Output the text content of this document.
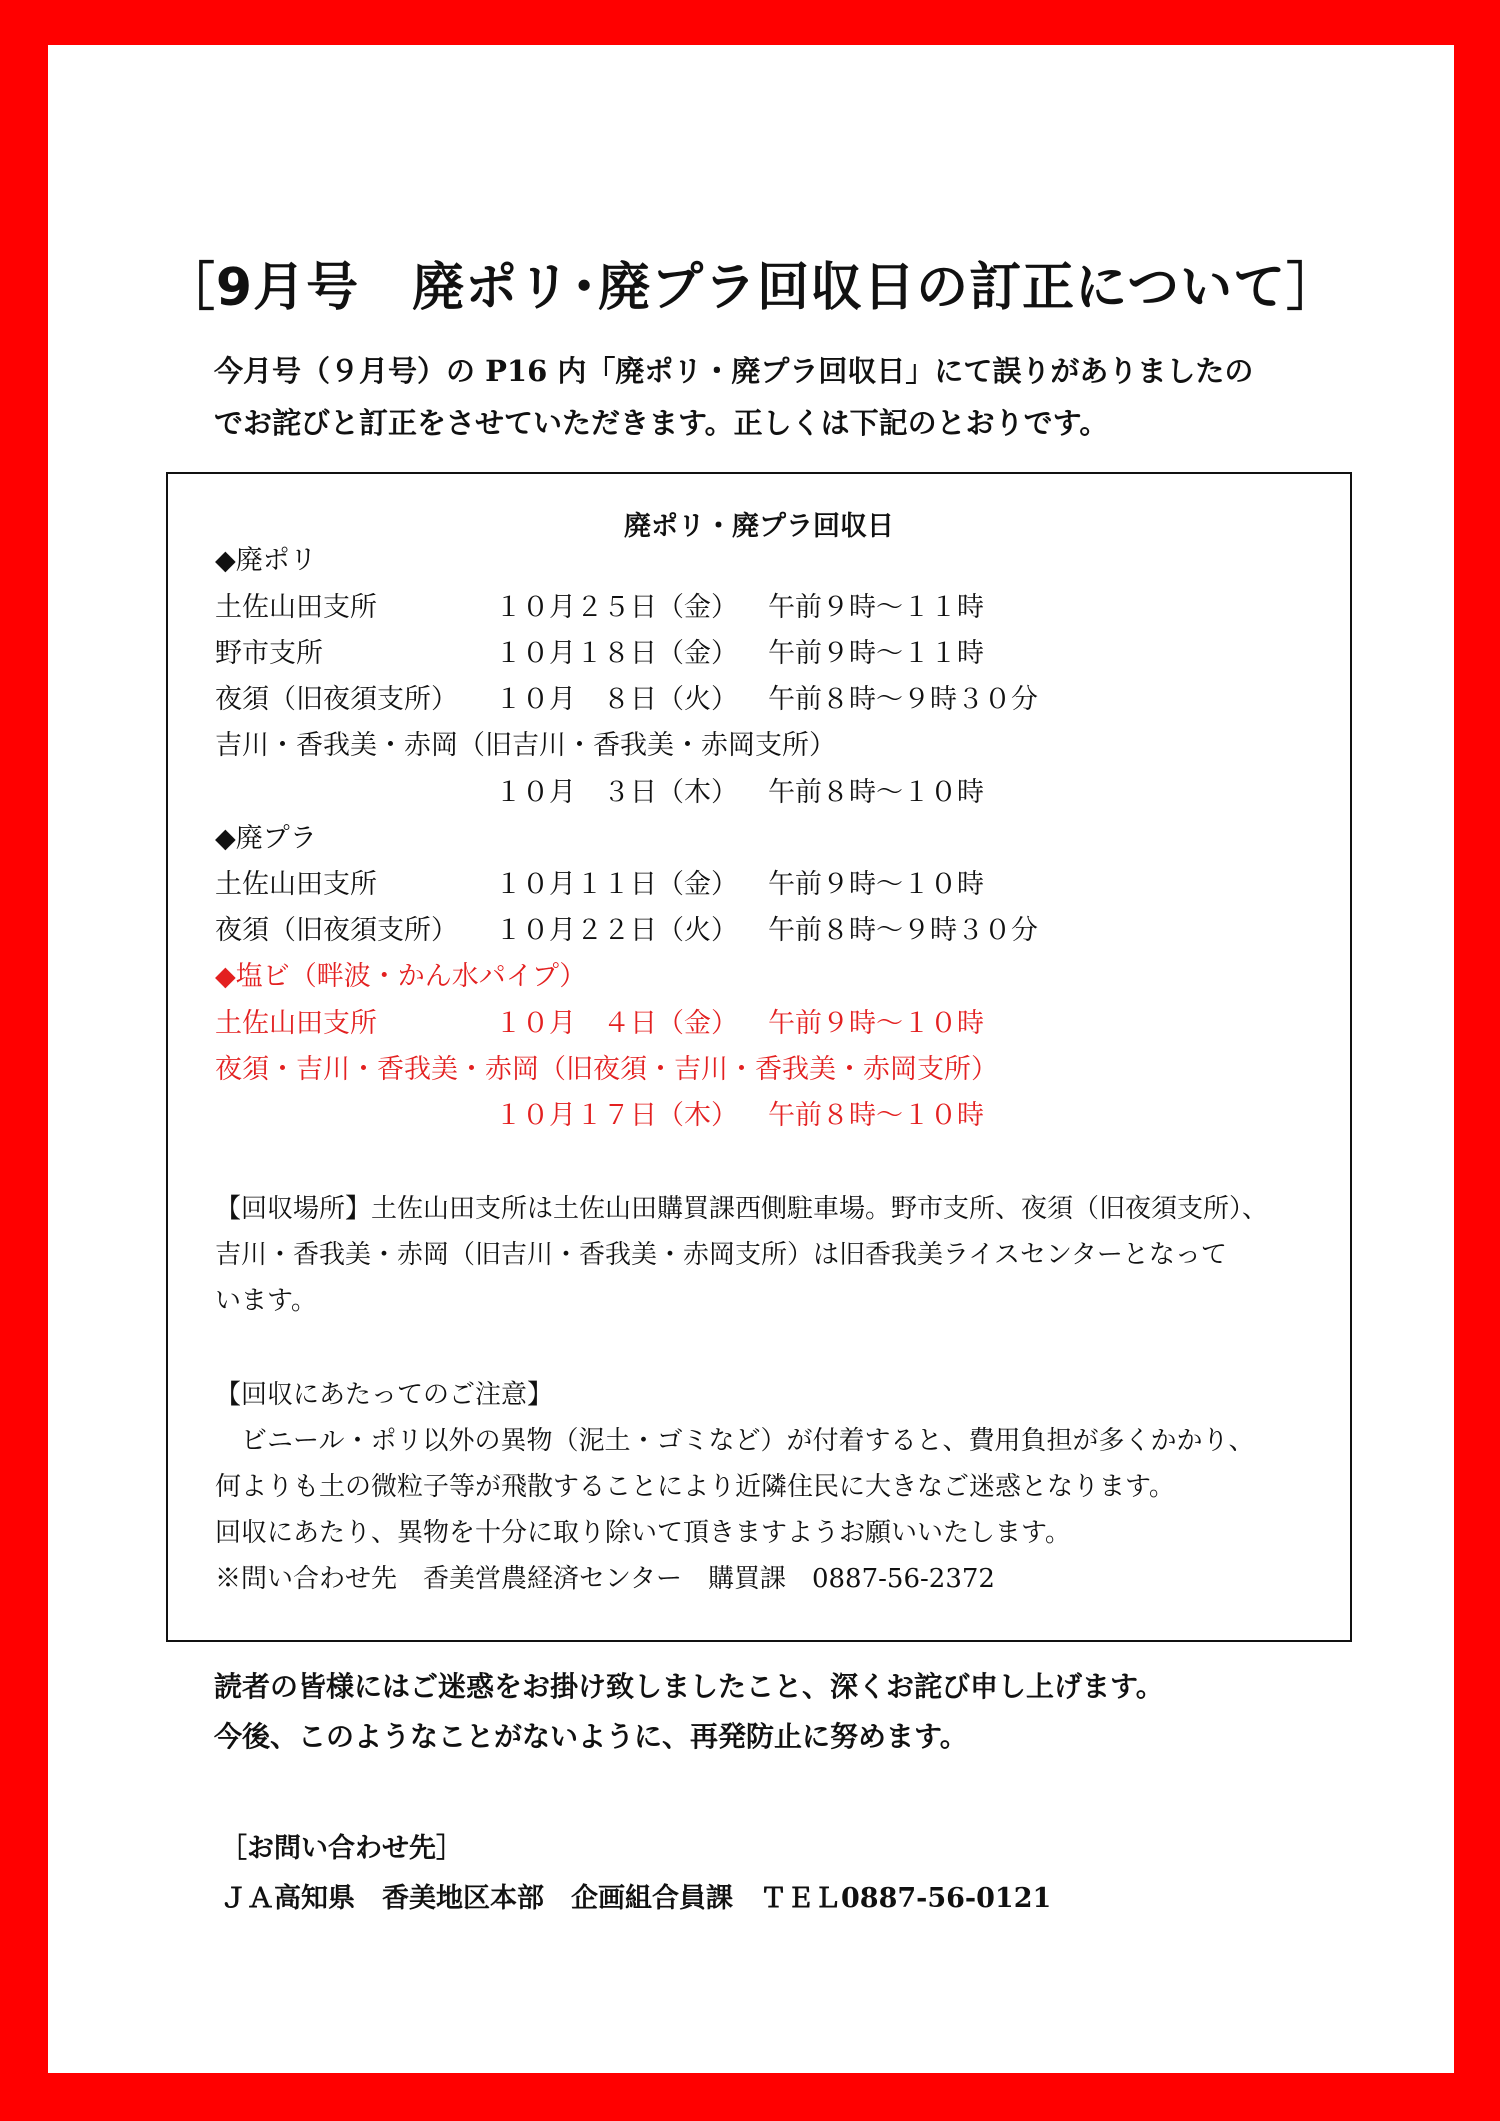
［9月号　廃ポリ･廃プラ回収日の訂正について］
今月号（９月号）の P16 内「廃ポリ・廃プラ回収日」にて誤りがありましたの
でお詫びと訂正をさせていただきます。正しくは下記のとおりです。
廃ポリ・廃プラ回収日
◆廃ポリ
土佐山田支所	１０月２５日（金） 午前９時～１１時
野市支所	１０月１８日（金） 午前９時～１１時
夜須（旧夜須支所） １０月　８日（火） 午前８時～９時３０分
吉川・香我美・赤岡（旧吉川・香我美・赤岡支所）
１０月　３日（木） 午前８時～１０時
◆廃プラ
土佐山田支所	１０月１１日（金） 午前９時～１０時
夜須（旧夜須支所） １０月２２日（火） 午前８時～９時３０分
◆塩ビ（畔波・かん水パイプ）
土佐山田支所	１０月　４日（金） 午前９時～１０時
夜須・吉川・香我美・赤岡（旧夜須・吉川・香我美・赤岡支所）
１０月１７日（木） 午前８時～１０時
【回収場所】土佐山田支所は土佐山田購買課西側駐車場。野市支所、夜須（旧夜須支所）、
吉川・香我美・赤岡（旧吉川・香我美・赤岡支所）は旧香我美ライスセンターとなって
います。
【回収にあたってのご注意】
　ビニール・ポリ以外の異物（泥土・ゴミなど）が付着すると、費用負担が多くかかり、
何よりも土の微粒子等が飛散することにより近隣住民に大きなご迷惑となります。
回収にあたり、異物を十分に取り除いて頂きますようお願いいたします。
※問い合わせ先　香美営農経済センター　購買課　0887-56-2372
読者の皆様にはご迷惑をお掛け致しましたこと、深くお詫び申し上げます。
今後、このようなことがないように、再発防止に努めます。
［お問い合わせ先］
ＪＡ高知県　香美地区本部　企画組合員課　ＴＥＬ0887-56-0121
